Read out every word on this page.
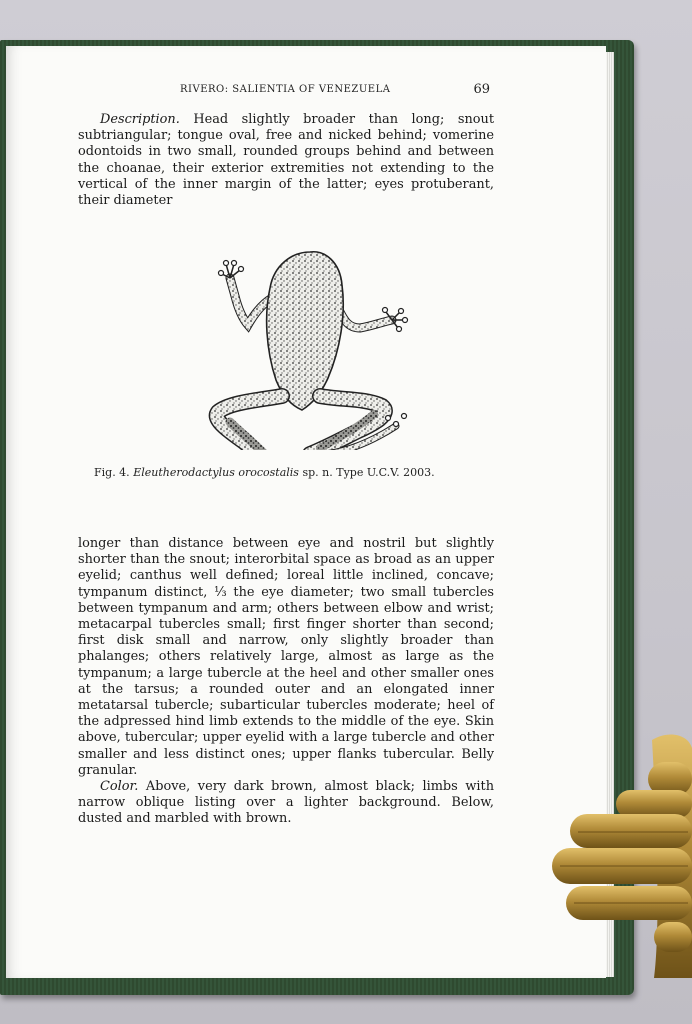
RIVERO: SALIENTIA OF VENEZUELA	69

Description. Head slightly broader than long; snout subtriangular; tongue oval, free and nicked behind; vomerine odontoids in two small, rounded groups behind and between the choanae, their exterior extremities not extending to the vertical of the inner margin of the latter; eyes protuberant, their diameter

Fig. 4. Eleutherodactylus orocostalis sp. n. Type U.C.V. 2003.

longer than distance between eye and nostril but slightly shorter than the snout; interorbital space as broad as an upper eyelid; canthus well defined; loreal little inclined, concave; tympanum distinct, ⅓ the eye diameter; two small tubercles between tympanum and arm; others between elbow and wrist; metacarpal tubercles small; first finger shorter than second; first disk small and narrow, only slightly broader than phalanges; others relatively large, almost as large as the tympanum; a large tubercle at the heel and other smaller ones at the tarsus; a rounded outer and an elongated inner metatarsal tubercle; subarticular tubercles moderate; heel of the adpressed hind limb extends to the middle of the eye. Skin above, tubercular; upper eyelid with a large tubercle and other smaller and less distinct ones; upper flanks tubercular. Belly granular.

Color. Above, very dark brown, almost black; limbs with narrow oblique listing over a lighter background. Below, dusted and marbled with brown.
